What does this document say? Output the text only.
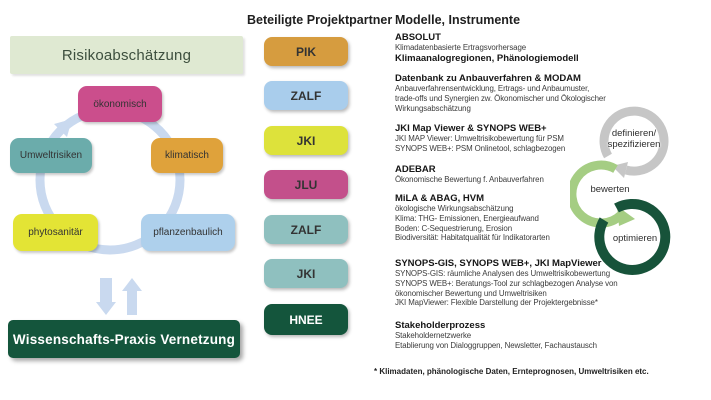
Risikoabschätzung
ökonomisch
klimatisch
pflanzenbaulich
phytosanitär
Umweltrisiken
Wissenschafts-Praxis Vernetzung
Beteiligte Projektpartner
PIK
ZALF
JKI
JLU
ZALF
JKI
HNEE
Modelle, Instrumente
ABSOLUT
Klimadatenbasierte Ertragsvorhersage
Klimaanalogregionen, Phänologiemodell
Datenbank zu Anbauverfahren & MODAM
Anbauverfahrensentwicklung, Ertrags- und Anbaumuster,
trade-offs und Synergien zw. Ökonomischer und Ökologischer
Wirkungsabschätzung
JKI Map Viewer & SYNOPS WEB+
JKI MAP Viewer: Umweltrisikobewertung für PSM
SYNOPS WEB+: PSM Onlinetool, schlagbezogen
ADEBAR
Ökonomische Bewertung f. Anbauverfahren
MiLA & ABAG, HVM
ökologische Wirkungsabschätzung
Klima: THG- Emissionen, Energieaufwand
Boden: C-Sequestrierung, Erosion
Biodiversität: Habitatqualität für Indikatorarten
SYNOPS-GIS, SYNOPS WEB+, JKI MapViewer
SYNOPS-GIS: räumliche Analysen des Umweltrisikobewertung
SYNOPS WEB+: Beratungs-Tool zur schlagbezogen Analyse von
ökonomischer Bewertung und Umweltrisiken
JKI MapViewer: Flexible Darstellung der Projektergebnisse*
Stakeholderprozess
Stakeholdernetzwerke
Etablierung von Dialoggruppen, Newsletter, Fachaustausch
* Klimadaten, phänologische Daten, Ernteprognosen, Umweltrisiken etc.
definieren/
spezifizieren
bewerten
optimieren
